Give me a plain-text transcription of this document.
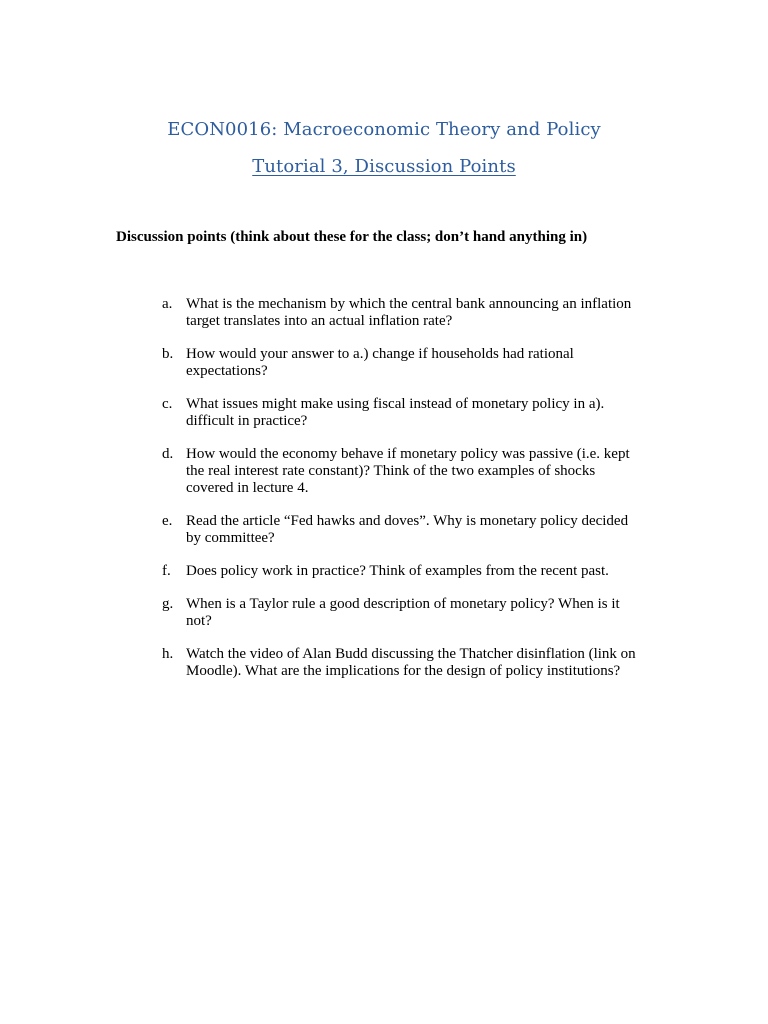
ECON0016: Macroeconomic Theory and Policy
Tutorial 3, Discussion Points
Discussion points (think about these for the class; don’t hand anything in)
a. What is the mechanism by which the central bank announcing an inflation
target translates into an actual inflation rate?
b. How would your answer to a.) change if households had rational
expectations?
c. What issues might make using fiscal instead of monetary policy in a).
difficult in practice?
d. How would the economy behave if monetary policy was passive (i.e. kept
the real interest rate constant)? Think of the two examples of shocks
covered in lecture 4.
e. Read the article “Fed hawks and doves”. Why is monetary policy decided
by committee?
f. Does policy work in practice? Think of examples from the recent past.
g. When is a Taylor rule a good description of monetary policy? When is it
not?
h. Watch the video of Alan Budd discussing the Thatcher disinflation (link on
Moodle). What are the implications for the design of policy institutions?
